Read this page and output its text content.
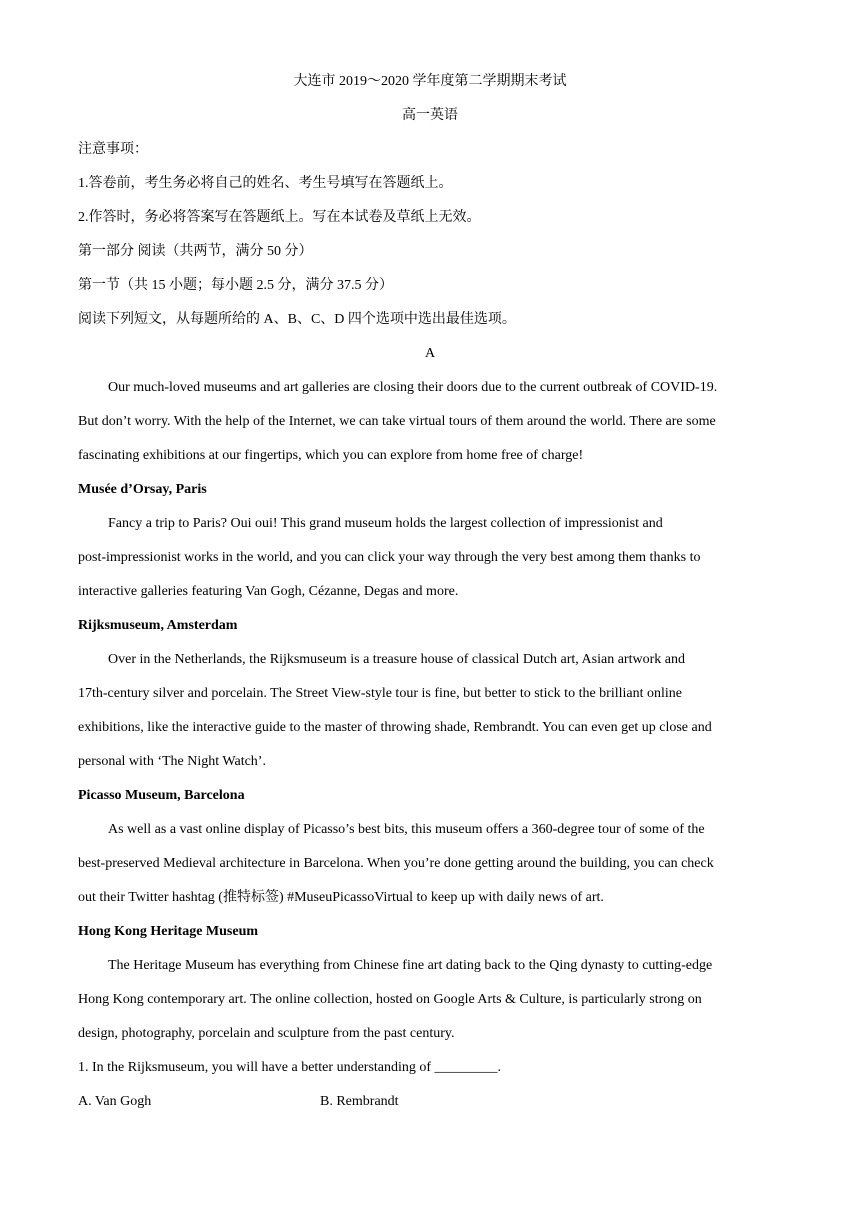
大连市 2019～2020 学年度第二学期期末考试
高一英语
注意事项：
1.答卷前，考生务必将自己的姓名、考生号填写在答题纸上。
2.作答时，务必将答案写在答题纸上。写在本试卷及草纸上无效。
第一部分 阅读（共两节，满分 50 分）
第一节（共 15 小题；每小题 2.5 分，满分 37.5 分）
阅读下列短文，从每题所给的 A、B、C、D 四个选项中选出最佳选项。
A
Our much-loved museums and art galleries are closing their doors due to the current outbreak of COVID-19.
But don’t worry. With the help of the Internet, we can take virtual tours of them around the world. There are some
fascinating exhibitions at our fingertips, which you can explore from home free of charge!
Musée d’Orsay, Paris
Fancy a trip to Paris? Oui oui! This grand museum holds the largest collection of impressionist and
post-impressionist works in the world, and you can click your way through the very best among them thanks to
interactive galleries featuring Van Gogh, Cézanne, Degas and more.
Rijksmuseum, Amsterdam
Over in the Netherlands, the Rijksmuseum is a treasure house of classical Dutch art, Asian artwork and
17th-century silver and porcelain. The Street View-style tour is fine, but better to stick to the brilliant online
exhibitions, like the interactive guide to the master of throwing shade, Rembrandt. You can even get up close and
personal with ‘The Night Watch’.
Picasso Museum, Barcelona
As well as a vast online display of Picasso’s best bits, this museum offers a 360-degree tour of some of the
best-preserved Medieval architecture in Barcelona. When you’re done getting around the building, you can check
out their Twitter hashtag (推特标签) #MuseuPicassoVirtual to keep up with daily news of art.
Hong Kong Heritage Museum
The Heritage Museum has everything from Chinese fine art dating back to the Qing dynasty to cutting-edge
Hong Kong contemporary art. The online collection, hosted on Google Arts & Culture, is particularly strong on
design, photography, porcelain and sculpture from the past century.
1. In the Rijksmuseum, you will have a better understanding of _________.
A. Van Gogh	B. Rembrandt
